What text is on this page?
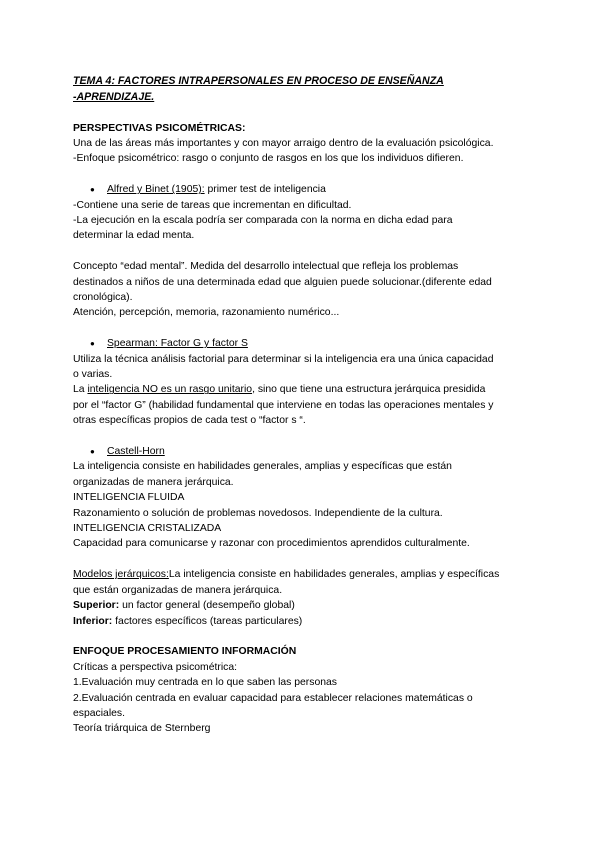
TEMA 4: FACTORES INTRAPERSONALES EN PROCESO DE ENSEÑANZA
-APRENDIZAJE.
PERSPECTIVAS PSICOMÉTRICAS:
Una de las áreas más importantes y con mayor arraigo dentro de la evaluación psicológica.
-Enfoque psicométrico: rasgo o conjunto de rasgos en los que los individuos difieren.
● Alfred y Binet (1905): primer test de inteligencia
-Contiene una serie de tareas que incrementan en dificultad.
-La ejecución en la escala podría ser comparada con la norma en dicha edad para
determinar la edad menta.
Concepto “edad mental”. Medida del desarrollo intelectual que refleja los problemas
destinados a niños de una determinada edad que alguien puede solucionar.(diferente edad
cronológica).
Atención, percepción, memoria, razonamiento numérico...
● Spearman: Factor G y factor S
Utiliza la técnica análisis factorial para determinar si la inteligencia era una única capacidad
o varias.
La inteligencia NO es un rasgo unitario, sino que tiene una estructura jerárquica presidida
por el “factor G” (habilidad fundamental que interviene en todas las operaciones mentales y
otras específicas propios de cada test o “factor s “.
● Castell-Horn
La inteligencia consiste en habilidades generales, amplias y específicas que están
organizadas de manera jerárquica.
INTELIGENCIA FLUIDA
Razonamiento o solución de problemas novedosos. Independiente de la cultura.
INTELIGENCIA CRISTALIZADA
Capacidad para comunicarse y razonar con procedimientos aprendidos culturalmente.
Modelos jerárquicos:La inteligencia consiste en habilidades generales, amplias y específicas
que están organizadas de manera jerárquica.
Superior: un factor general (desempeño global)
Inferior: factores específicos (tareas particulares)
ENFOQUE PROCESAMIENTO INFORMACIÓN
Críticas a perspectiva psicométrica:
1.Evaluación muy centrada en lo que saben las personas
2.Evaluación centrada en evaluar capacidad para establecer relaciones matemáticas o
espaciales.
Teoría triárquica de Sternberg
